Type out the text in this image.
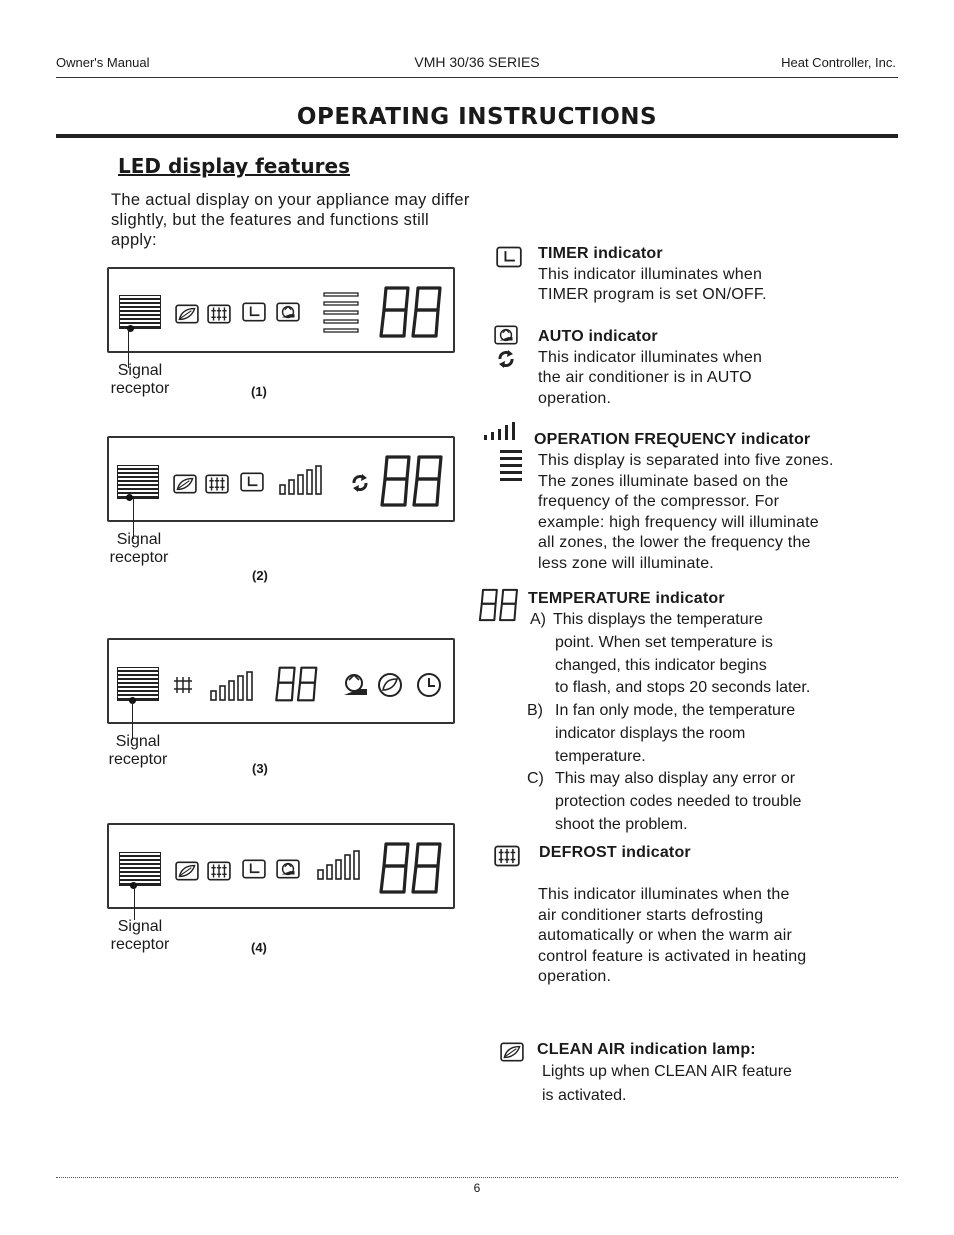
Owner's Manual	VMH 30/36 SERIES	Heat Controller, Inc.
OPERATING INSTRUCTIONS
LED display features
The actual display on your appliance may differ slightly, but the features and functions still apply:
Signal
receptor	(1)
Signal
receptor
(2)
Signal
receptor
(3)
Signal
receptor	(4)
TIMER indicator
This indicator illuminates when
TIMER program is set ON/OFF.
AUTO indicator
This indicator illuminates when
the air conditioner is in AUTO
operation.
OPERATION FREQUENCY indicator
This display is separated into five zones.
The zones illuminate based on the
frequency of the compressor. For
example: high frequency will illuminate
all zones, the lower the frequency the
less zone will illuminate.
TEMPERATURE indicator
A) This displays the temperature
point. When set temperature is
changed, this indicator begins
to flash, and stops 20 seconds later.
B) In fan only mode, the temperature
indicator displays the room
temperature.
C) This may also display any error or
protection codes needed to trouble
shoot the problem.
DEFROST indicator
This indicator illuminates when the
air conditioner starts defrosting
automatically or when the warm air
control feature is activated in heating
operation.
CLEAN AIR indication lamp:
Lights up when CLEAN AIR feature
is activated.
6
